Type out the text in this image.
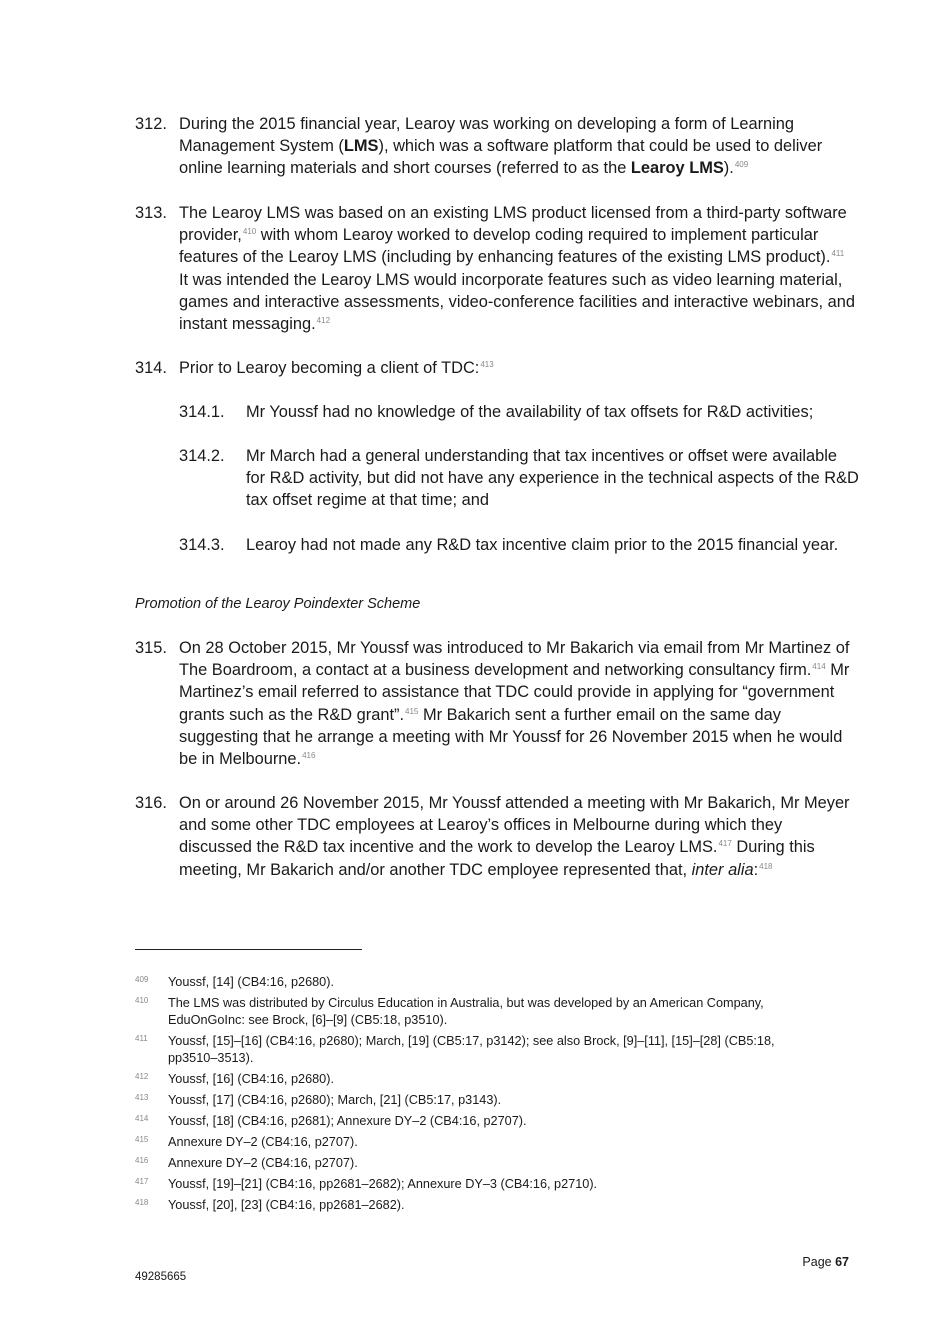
312. During the 2015 financial year, Learoy was working on developing a form of Learning Management System (LMS), which was a software platform that could be used to deliver online learning materials and short courses (referred to as the Learoy LMS).$^{409}$
313. The Learoy LMS was based on an existing LMS product licensed from a third-party software provider,$^{410}$ with whom Learoy worked to develop coding required to implement particular features of the Learoy LMS (including by enhancing features of the existing LMS product).$^{411}$ It was intended the Learoy LMS would incorporate features such as video learning material, games and interactive assessments, video-conference facilities and interactive webinars, and instant messaging.$^{412}$
314. Prior to Learoy becoming a client of TDC:$^{413}$
314.1. Mr Youssf had no knowledge of the availability of tax offsets for R&D activities;
314.2. Mr March had a general understanding that tax incentives or offset were available for R&D activity, but did not have any experience in the technical aspects of the R&D tax offset regime at that time; and
314.3. Learoy had not made any R&D tax incentive claim prior to the 2015 financial year.
Promotion of the Learoy Poindexter Scheme
315. On 28 October 2015, Mr Youssf was introduced to Mr Bakarich via email from Mr Martinez of The Boardroom, a contact at a business development and networking consultancy firm.$^{414}$ Mr Martinez’s email referred to assistance that TDC could provide in applying for “government grants such as the R&D grant”.$^{415}$ Mr Bakarich sent a further email on the same day suggesting that he arrange a meeting with Mr Youssf for 26 November 2015 when he would be in Melbourne.$^{416}$
316. On or around 26 November 2015, Mr Youssf attended a meeting with Mr Bakarich, Mr Meyer and some other TDC employees at Learoy’s offices in Melbourne during which they discussed the R&D tax incentive and the work to develop the Learoy LMS.$^{417}$ During this meeting, Mr Bakarich and/or another TDC employee represented that, inter alia:$^{418}$
409 Youssf, [14] (CB4:16, p2680).
410 The LMS was distributed by Circulus Education in Australia, but was developed by an American Company, EduOnGoInc: see Brock, [6]–[9] (CB5:18, p3510).
411 Youssf, [15]–[16] (CB4:16, p2680); March, [19] (CB5:17, p3142); see also Brock, [9]–[11], [15]–[28] (CB5:18, pp3510–3513).
412 Youssf, [16] (CB4:16, p2680).
413 Youssf, [17] (CB4:16, p2680); March, [21] (CB5:17, p3143).
414 Youssf, [18] (CB4:16, p2681); Annexure DY–2 (CB4:16, p2707).
415 Annexure DY–2 (CB4:16, p2707).
416 Annexure DY–2 (CB4:16, p2707).
417 Youssf, [19]–[21] (CB4:16, pp2681–2682); Annexure DY–3 (CB4:16, p2710).
418 Youssf, [20], [23] (CB4:16, pp2681–2682).
Page 67
49285665
